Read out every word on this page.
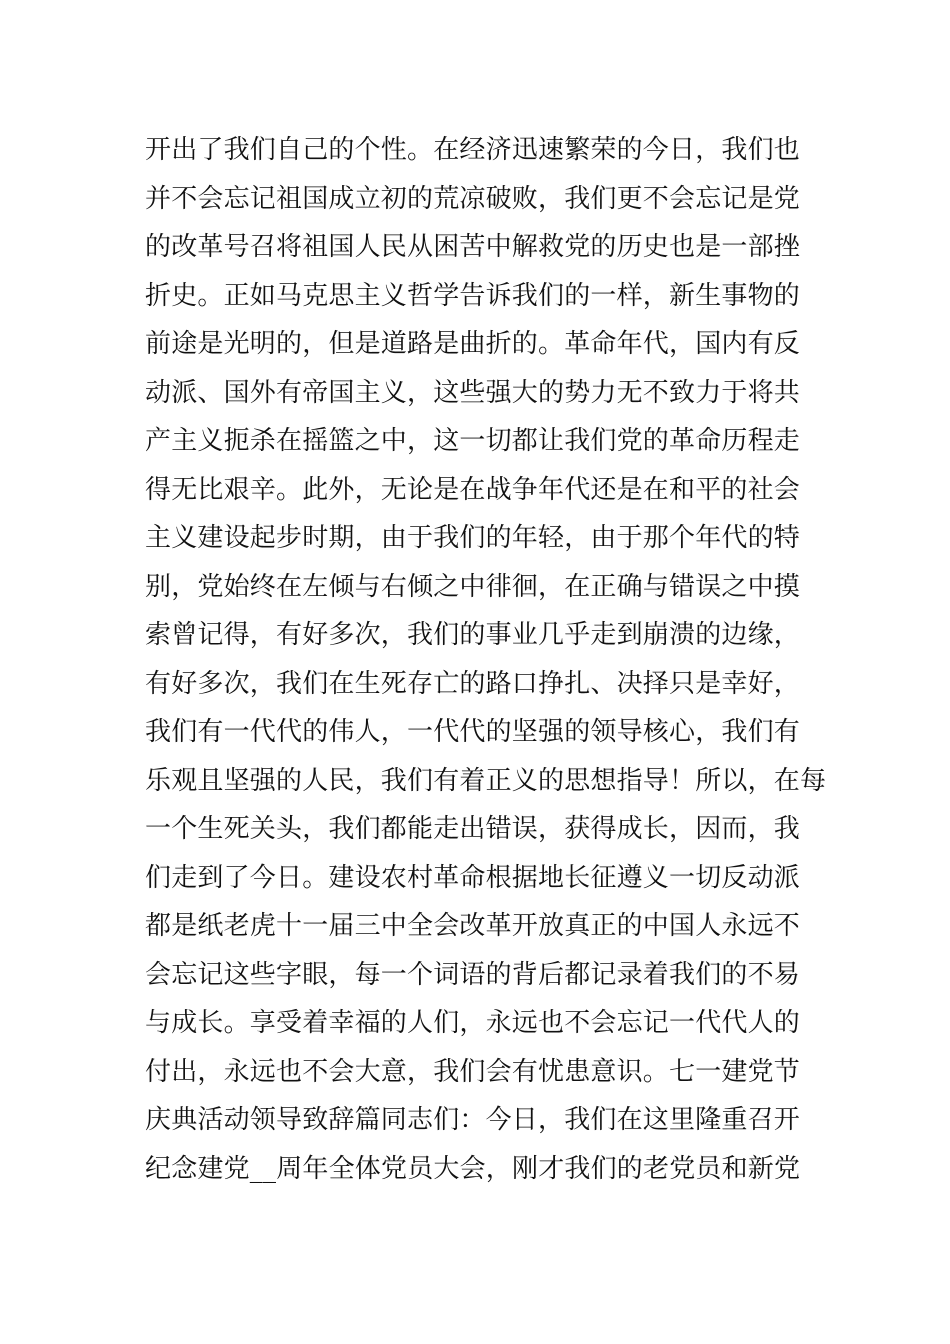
开出了我们自己的个性。在经济迅速繁荣的今日，我们也
并不会忘记祖国成立初的荒凉破败，我们更不会忘记是党
的改革号召将祖国人民从困苦中解救党的历史也是一部挫
折史。正如马克思主义哲学告诉我们的一样，新生事物的
前途是光明的，但是道路是曲折的。革命年代，国内有反
动派、国外有帝国主义，这些强大的势力无不致力于将共
产主义扼杀在摇篮之中，这一切都让我们党的革命历程走
得无比艰辛。此外，无论是在战争年代还是在和平的社会
主义建设起步时期，由于我们的年轻，由于那个年代的特
别，党始终在左倾与右倾之中徘徊，在正确与错误之中摸
索曾记得，有好多次，我们的事业几乎走到崩溃的边缘，
有好多次，我们在生死存亡的路口挣扎、决择只是幸好，
我们有一代代的伟人，一代代的坚强的领导核心，我们有
乐观且坚强的人民，我们有着正义的思想指导！所以，在每
一个生死关头，我们都能走出错误，获得成长，因而，我
们走到了今日。建设农村革命根据地长征遵义一切反动派
都是纸老虎十一届三中全会改革开放真正的中国人永远不
会忘记这些字眼，每一个词语的背后都记录着我们的不易
与成长。享受着幸福的人们，永远也不会忘记一代代人的
付出，永远也不会大意，我们会有忧患意识。七一建党节
庆典活动领导致辞篇同志们：今日，我们在这里隆重召开
纪念建党__周年全体党员大会，刚才我们的老党员和新党
